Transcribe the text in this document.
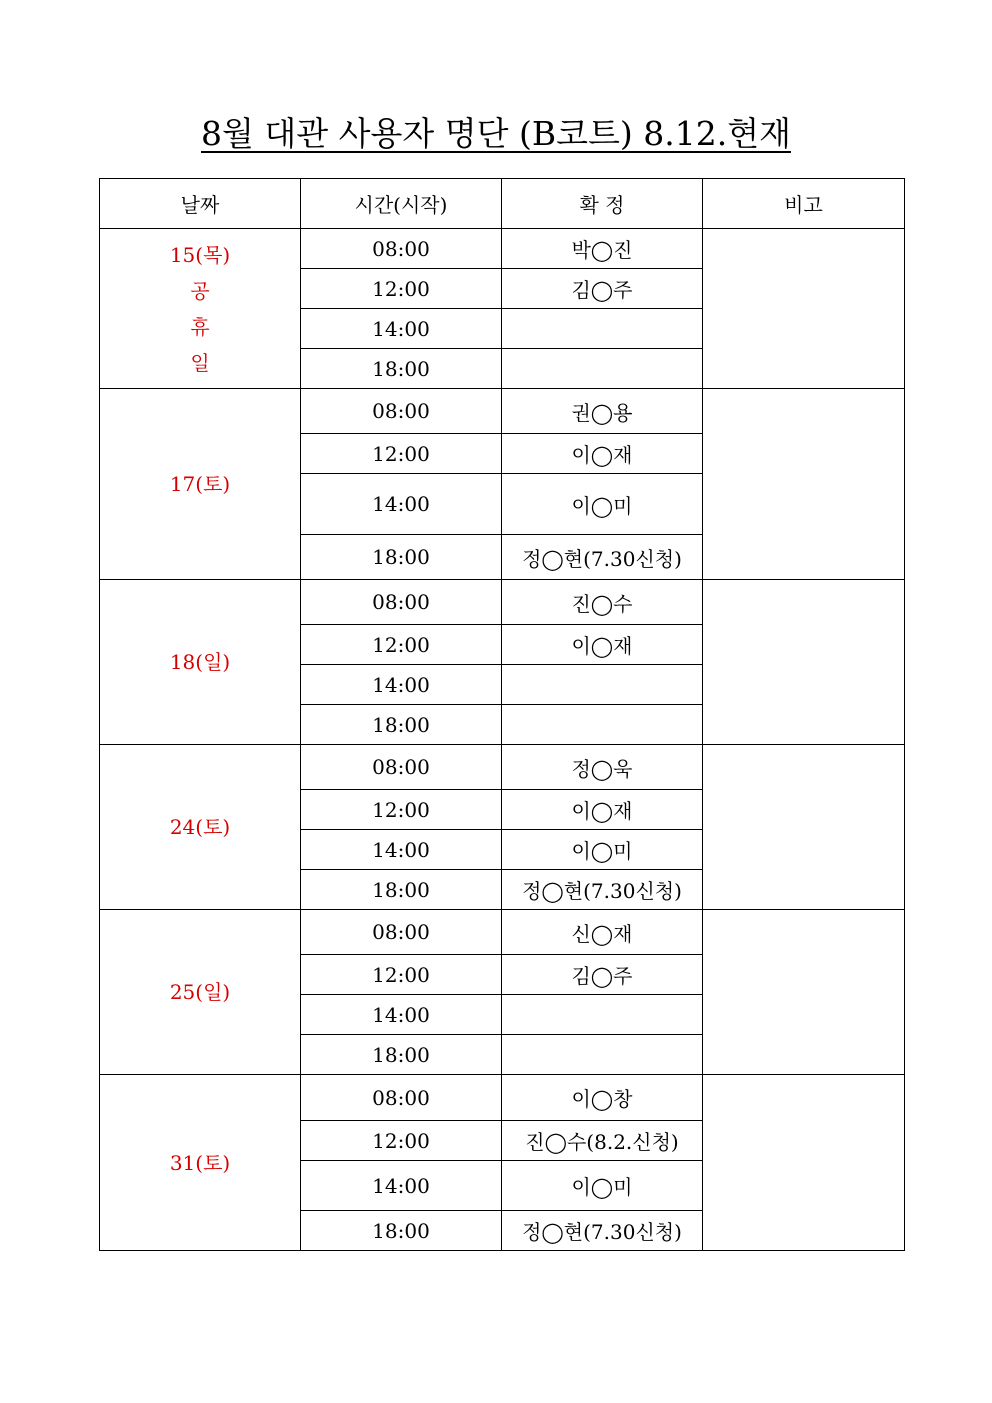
8월 대관 사용자 명단 (B코트) 8.12.현재
날짜	시간(시작)	확 정	비고

15(목)
공
휴
일	08:00	박◯진	
	12:00	김◯주	
	14:00		
	18:00		

17(토)	08:00	권◯용	
	12:00	이◯재	
	14:00	이◯미	
	18:00	정◯현(7.30신청)	

18(일)	08:00	진◯수	
	12:00	이◯재	
	14:00		
	18:00		

24(토)	08:00	정◯욱	
	12:00	이◯재	
	14:00	이◯미	
	18:00	정◯현(7.30신청)	

25(일)	08:00	신◯재	
	12:00	김◯주	
	14:00		
	18:00		

31(토)	08:00	이◯창	
	12:00	진◯수(8.2.신청)	
	14:00	이◯미	
	18:00	정◯현(7.30신청)	
